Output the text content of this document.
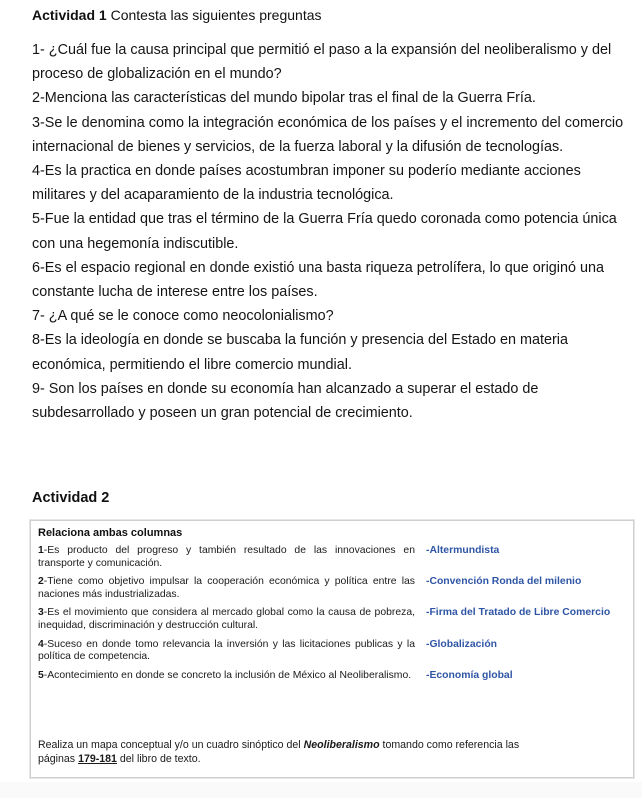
Actividad 1 Contesta las siguientes preguntas

1- ¿Cuál fue la causa principal que permitió el paso a la expansión del neoliberalismo y del proceso de globalización en el mundo?

2-Menciona las características del mundo bipolar tras el final de la Guerra Fría.

3-Se le denomina como la integración económica de los países y el incremento del comercio internacional de bienes y servicios, de la fuerza laboral y la difusión de tecnologías.

4-Es la practica en donde países acostumbran imponer su poderío mediante acciones militares y del acaparamiento de la industria tecnológica.

5-Fue la entidad que tras el término de la Guerra Fría quedo coronada como potencia única con una hegemonía indiscutible.

6-Es el espacio regional en donde existió una basta riqueza petrolífera, lo que originó una constante lucha de interese entre los países.

7- ¿A qué se le conoce como neocolonialismo?

8-Es la ideología en donde se buscaba la función y presencia del Estado en materia económica, permitiendo el libre comercio mundial.

9- Son los países en donde su economía han alcanzado a superar el estado de subdesarrollado y poseen un gran potencial de crecimiento.

Actividad 2

Relaciona ambas columnas

1-Es producto del progreso y también resultado de las innovaciones en transporte y comunicación.
-Altermundista
2-Tiene como objetivo impulsar la cooperación económica y política entre las naciones más industrializadas.
-Convención Ronda del milenio
3-Es el movimiento que considera al mercado global como la causa de pobreza, inequidad, discriminación y destrucción cultural.
-Firma del Tratado de Libre Comercio
4-Suceso en donde tomo relevancia la inversión y las licitaciones publicas y la política de competencia.
-Globalización
5-Acontecimiento en donde se concreto la inclusión de México al Neoliberalismo.	-Economía global
Realiza un mapa conceptual y/o un cuadro sinóptico del Neoliberalismo tomando como referencia las páginas 179-181 del libro de texto.
